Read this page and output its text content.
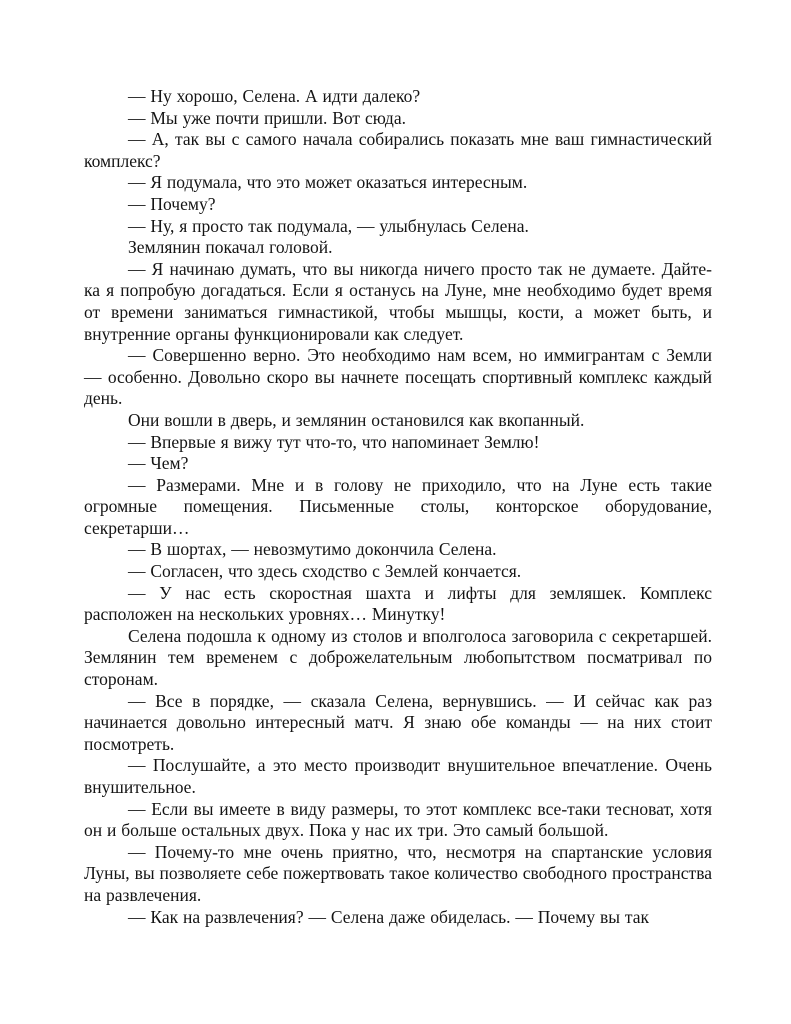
— Ну хорошо, Селена. А идти далеко?

— Мы уже почти пришли. Вот сюда.

— А, так вы с самого начала собирались показать мне ваш гимнастический комплекс?

— Я подумала, что это может оказаться интересным.

— Почему?

— Ну, я просто так подумала, — улыбнулась Селена.

Землянин покачал головой.

— Я начинаю думать, что вы никогда ничего просто так не думаете. Дайте-ка я попробую догадаться. Если я останусь на Луне, мне необходимо будет время от времени заниматься гимнастикой, чтобы мышцы, кости, а может быть, и внутренние органы функционировали как следует.

— Совершенно верно. Это необходимо нам всем, но иммигрантам с Земли — особенно. Довольно скоро вы начнете посещать спортивный комплекс каждый день.

Они вошли в дверь, и землянин остановился как вкопанный.

— Впервые я вижу тут что-то, что напоминает Землю!

— Чем?

— Размерами. Мне и в голову не приходило, что на Луне есть такие огромные помещения. Письменные столы, конторское оборудование, секретарши…

— В шортах, — невозмутимо докончила Селена.

— Согласен, что здесь сходство с Землей кончается.

— У нас есть скоростная шахта и лифты для земляшек. Комплекс расположен на нескольких уровнях… Минутку!

Селена подошла к одному из столов и вполголоса заговорила с секретаршей. Землянин тем временем с доброжелательным любопытством посматривал по сторонам.

— Все в порядке, — сказала Селена, вернувшись. — И сейчас как раз начинается довольно интересный матч. Я знаю обе команды — на них стоит посмотреть.

— Послушайте, а это место производит внушительное впечатление. Очень внушительное.

— Если вы имеете в виду размеры, то этот комплекс все-таки тесноват, хотя он и больше остальных двух. Пока у нас их три. Это самый большой.

— Почему-то мне очень приятно, что, несмотря на спартанские условия Луны, вы позволяете себе пожертвовать такое количество свободного пространства на развлечения.

— Как на развлечения? — Селена даже обиделась. — Почему вы так
